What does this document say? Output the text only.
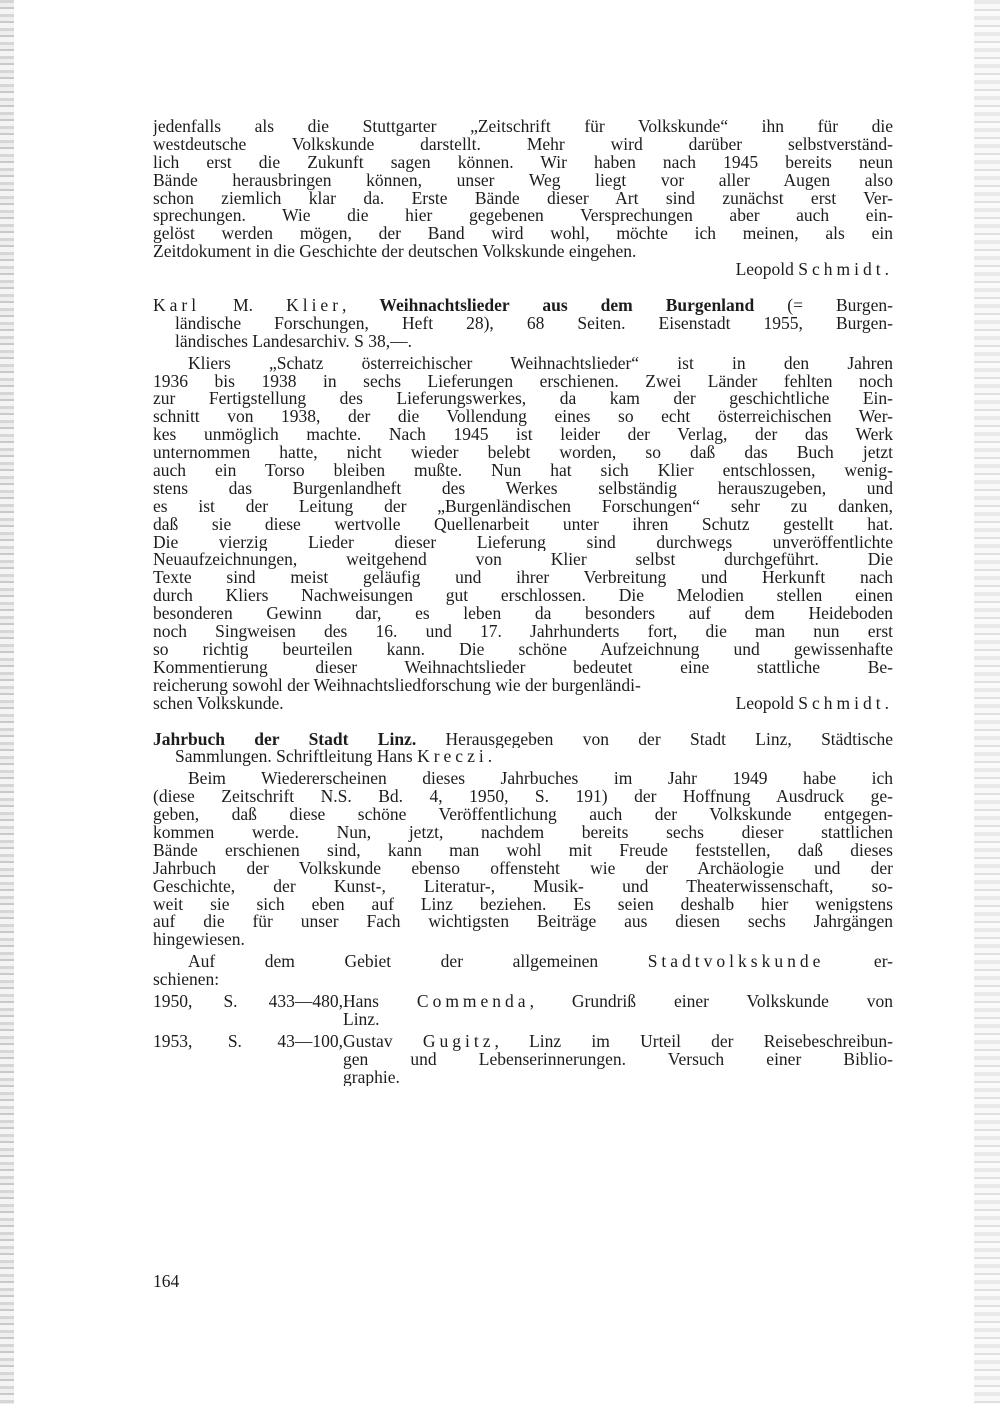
jedenfalls als die Stuttgarter „Zeitschrift für Volkskunde“ ihn für die
westdeutsche Volkskunde darstellt. Mehr wird darüber selbstverständ-
lich erst die Zukunft sagen können. Wir haben nach 1945 bereits neun
Bände herausbringen können, unser Weg liegt vor aller Augen also
schon ziemlich klar da. Erste Bände dieser Art sind zunächst erst Ver-
sprechungen. Wie die hier gegebenen Versprechungen aber auch ein-
gelöst werden mögen, der Band wird wohl, möchte ich meinen, als ein
Zeitdokument in die Geschichte der deutschen Volkskunde eingehen.
Leopold Schmidt.
Karl M. Klier, Weihnachtslieder aus dem Burgenland (= Burgen-
ländische Forschungen, Heft 28), 68 Seiten. Eisenstadt 1955, Burgen-
ländisches Landesarchiv. S 38,—.
Kliers „Schatz österreichischer Weihnachtslieder“ ist in den Jahren
1936 bis 1938 in sechs Lieferungen erschienen. Zwei Länder fehlten noch
zur Fertigstellung des Lieferungswerkes, da kam der geschichtliche Ein-
schnitt von 1938, der die Vollendung eines so echt österreichischen Wer-
kes unmöglich machte. Nach 1945 ist leider der Verlag, der das Werk
unternommen hatte, nicht wieder belebt worden, so daß das Buch jetzt
auch ein Torso bleiben mußte. Nun hat sich Klier entschlossen, wenig-
stens das Burgenlandheft des Werkes selbständig herauszugeben, und
es ist der Leitung der „Burgenländischen Forschungen“ sehr zu danken,
daß sie diese wertvolle Quellenarbeit unter ihren Schutz gestellt hat.
Die vierzig Lieder dieser Lieferung sind durchwegs unveröffentlichte
Neuaufzeichnungen, weitgehend von Klier selbst durchgeführt. Die
Texte sind meist geläufig und ihrer Verbreitung und Herkunft nach
durch Kliers Nachweisungen gut erschlossen. Die Melodien stellen einen
besonderen Gewinn dar, es leben da besonders auf dem Heideboden
noch Singweisen des 16. und 17. Jahrhunderts fort, die man nun erst
so richtig beurteilen kann. Die schöne Aufzeichnung und gewissenhafte
Kommentierung dieser Weihnachtslieder bedeutet eine stattliche Be-
reicherung sowohl der Weihnachtsliedforschung wie der burgenländi-
schen Volkskunde.	Leopold Schmidt.
Jahrbuch der Stadt Linz. Herausgegeben von der Stadt Linz, Städtische
Sammlungen. Schriftleitung Hans Kreczi.
Beim Wiedererscheinen dieses Jahrbuches im Jahr 1949 habe ich
(diese Zeitschrift N.S. Bd. 4, 1950, S. 191) der Hoffnung Ausdruck ge-
geben, daß diese schöne Veröffentlichung auch der Volkskunde entgegen-
kommen werde. Nun, jetzt, nachdem bereits sechs dieser stattlichen
Bände erschienen sind, kann man wohl mit Freude feststellen, daß dieses
Jahrbuch der Volkskunde ebenso offensteht wie der Archäologie und der
Geschichte, der Kunst-, Literatur-, Musik- und Theaterwissenschaft, so-
weit sie sich eben auf Linz beziehen. Es seien deshalb hier wenigstens
auf die für unser Fach wichtigsten Beiträge aus diesen sechs Jahrgängen
hingewiesen.
Auf dem Gebiet der allgemeinen Stadtvolkskunde er-
schienen:
1950, S. 433—480,Hans Commenda, Grundriß einer Volkskunde von
Linz.
1953, S. 43—100,Gustav Gugitz, Linz im Urteil der Reisebeschreibun-
gen und Lebenserinnerungen. Versuch einer Biblio-
graphie.
164
